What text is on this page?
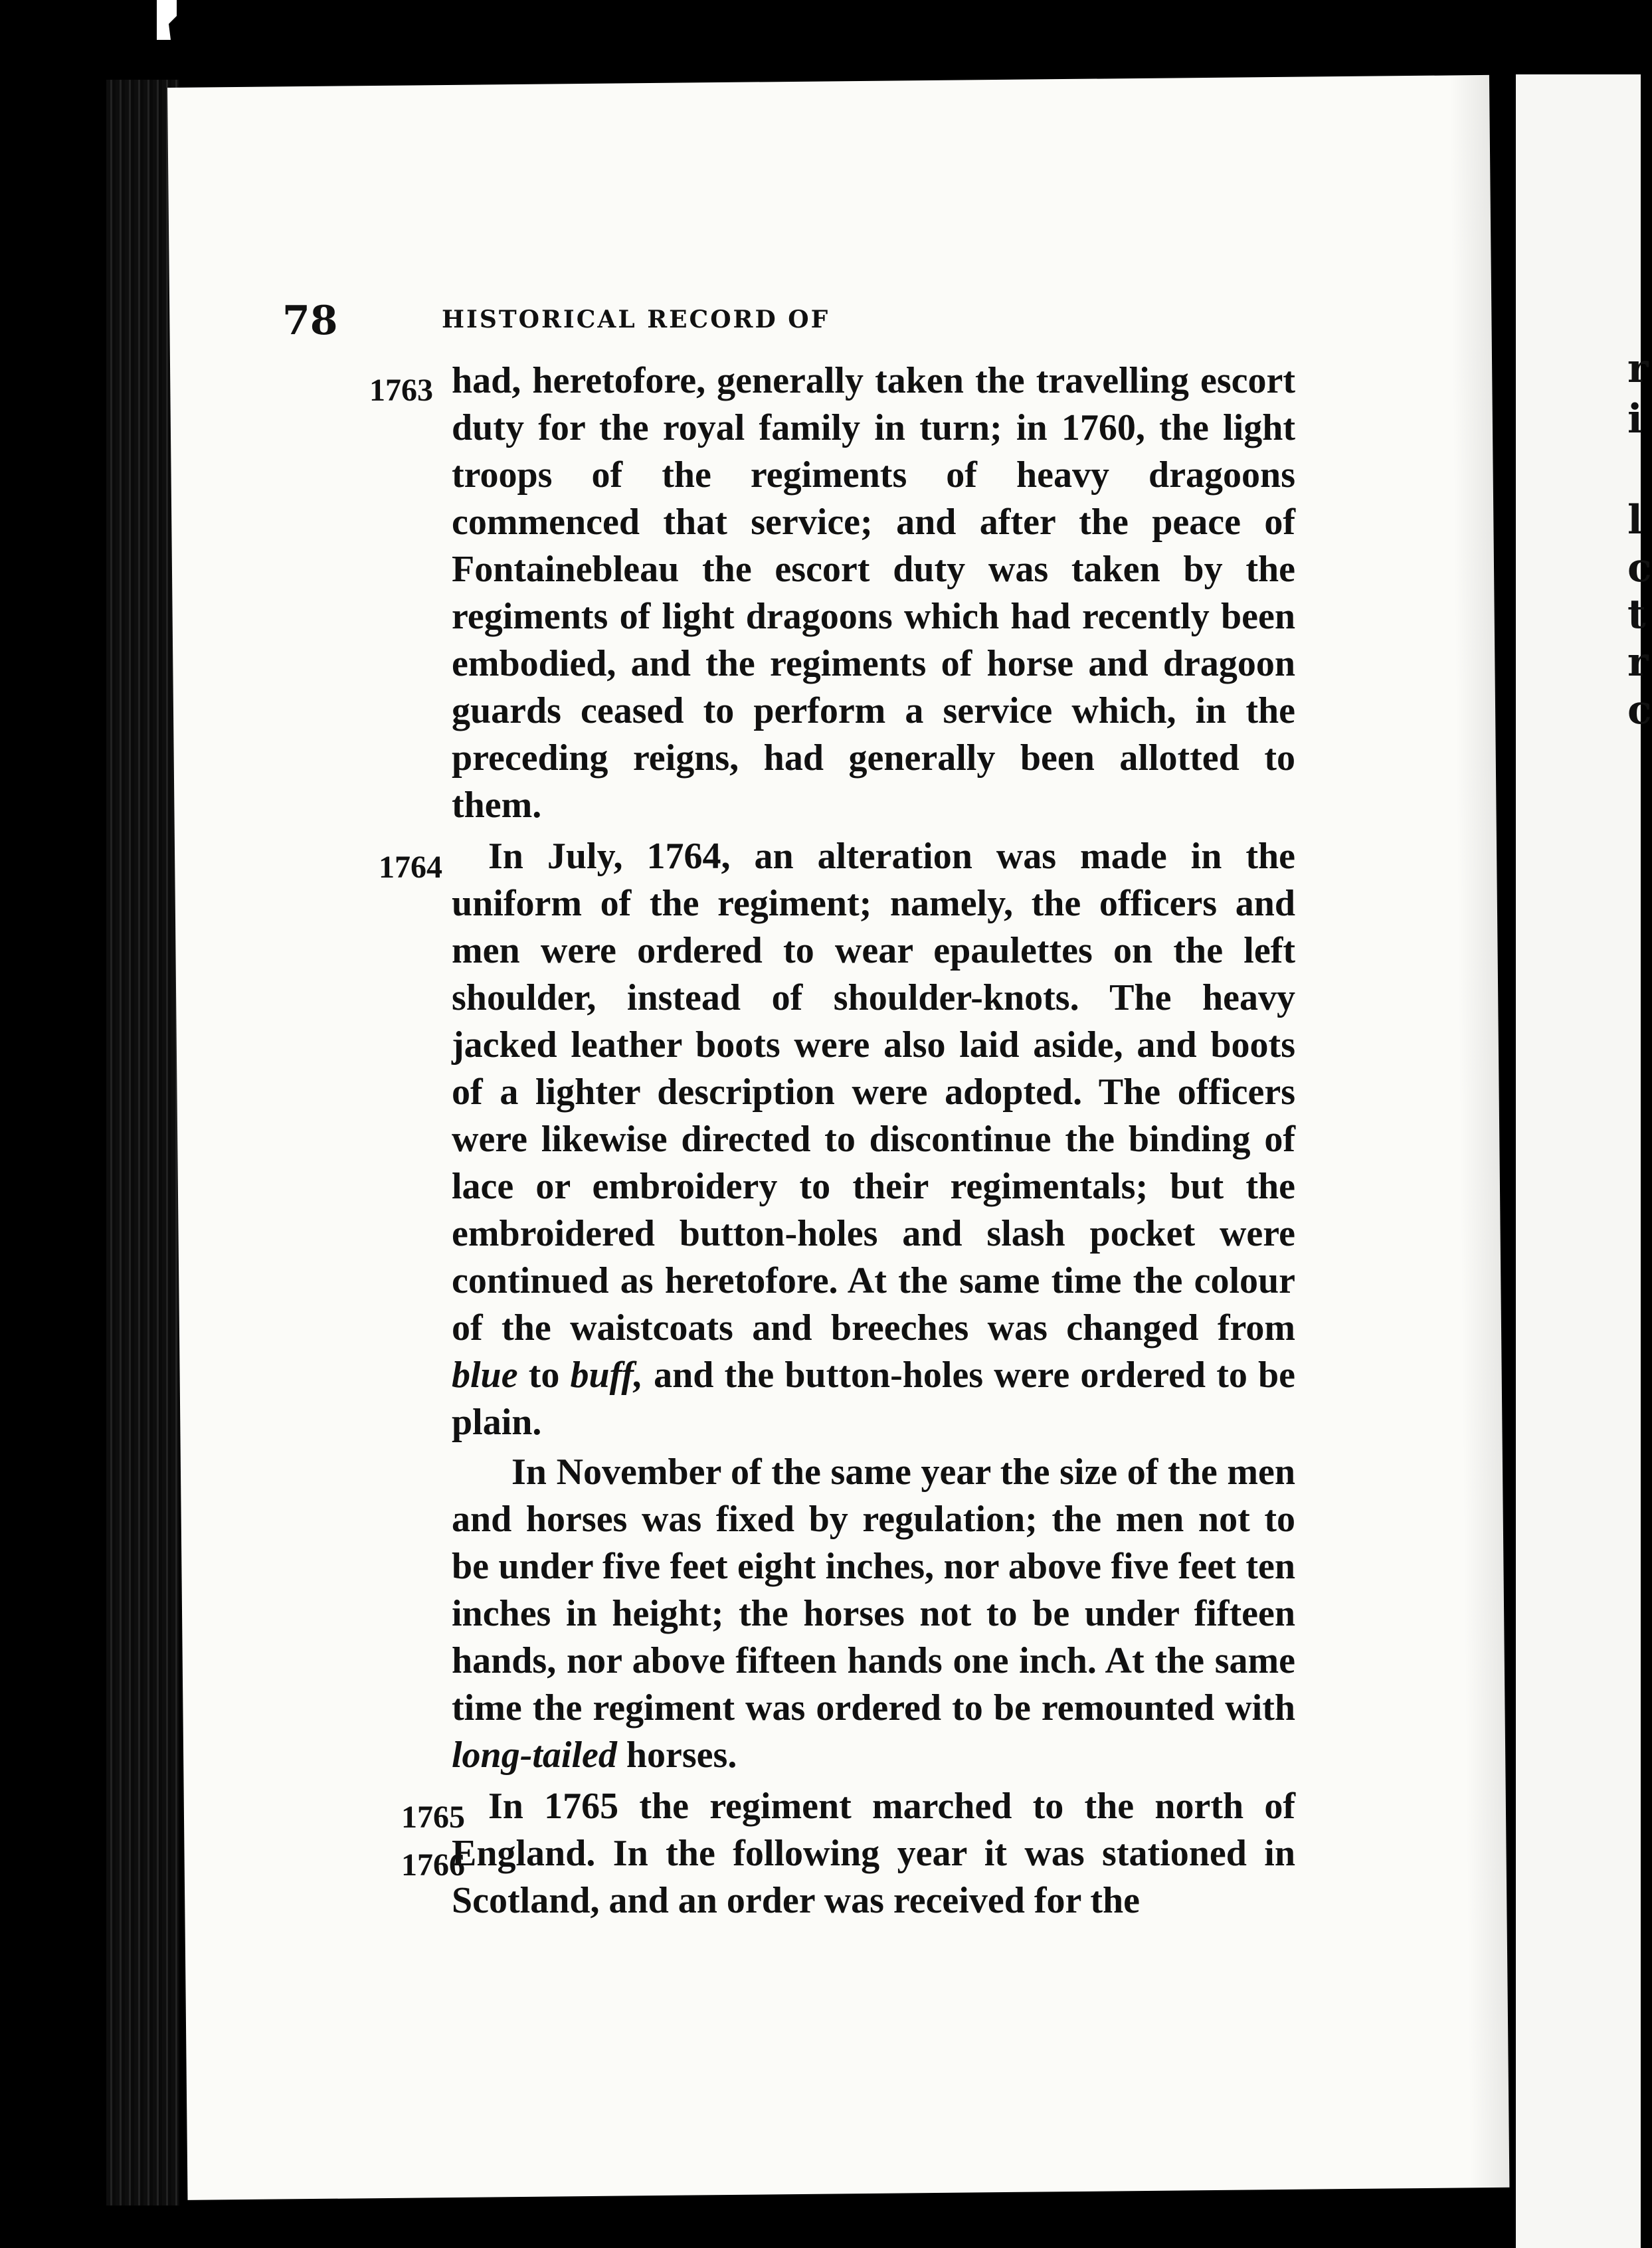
r
i
l
c
t
r
c
78	HISTORICAL RECORD OF
1763
1764
1765
1766

had, heretofore, generally taken the travelling escort duty for the royal family in turn; in 1760, the light troops of the regiments of heavy dragoons commenced that service; and after the peace of Fontainebleau the escort duty was taken by the regiments of light dragoons which had recently been embodied, and the regiments of horse and dragoon guards ceased to perform a service which, in the preceding reigns, had generally been allotted to them.

In July, 1764, an alteration was made in the uniform of the regiment; namely, the officers and men were ordered to wear epaulettes on the left shoulder, instead of shoulder-knots. The heavy jacked leather boots were also laid aside, and boots of a lighter description were adopted. The officers were likewise directed to discontinue the binding of lace or embroidery to their regimentals; but the embroidered button-holes and slash pocket were continued as heretofore. At the same time the colour of the waistcoats and breeches was changed from blue to buff, and the button-holes were ordered to be plain.

In November of the same year the size of the men and horses was fixed by regulation; the men not to be under five feet eight inches, nor above five feet ten inches in height; the horses not to be under fifteen hands, nor above fifteen hands one inch. At the same time the regiment was ordered to be remounted with long-tailed horses.

In 1765 the regiment marched to the north of England. In the following year it was stationed in Scotland, and an order was received for the
